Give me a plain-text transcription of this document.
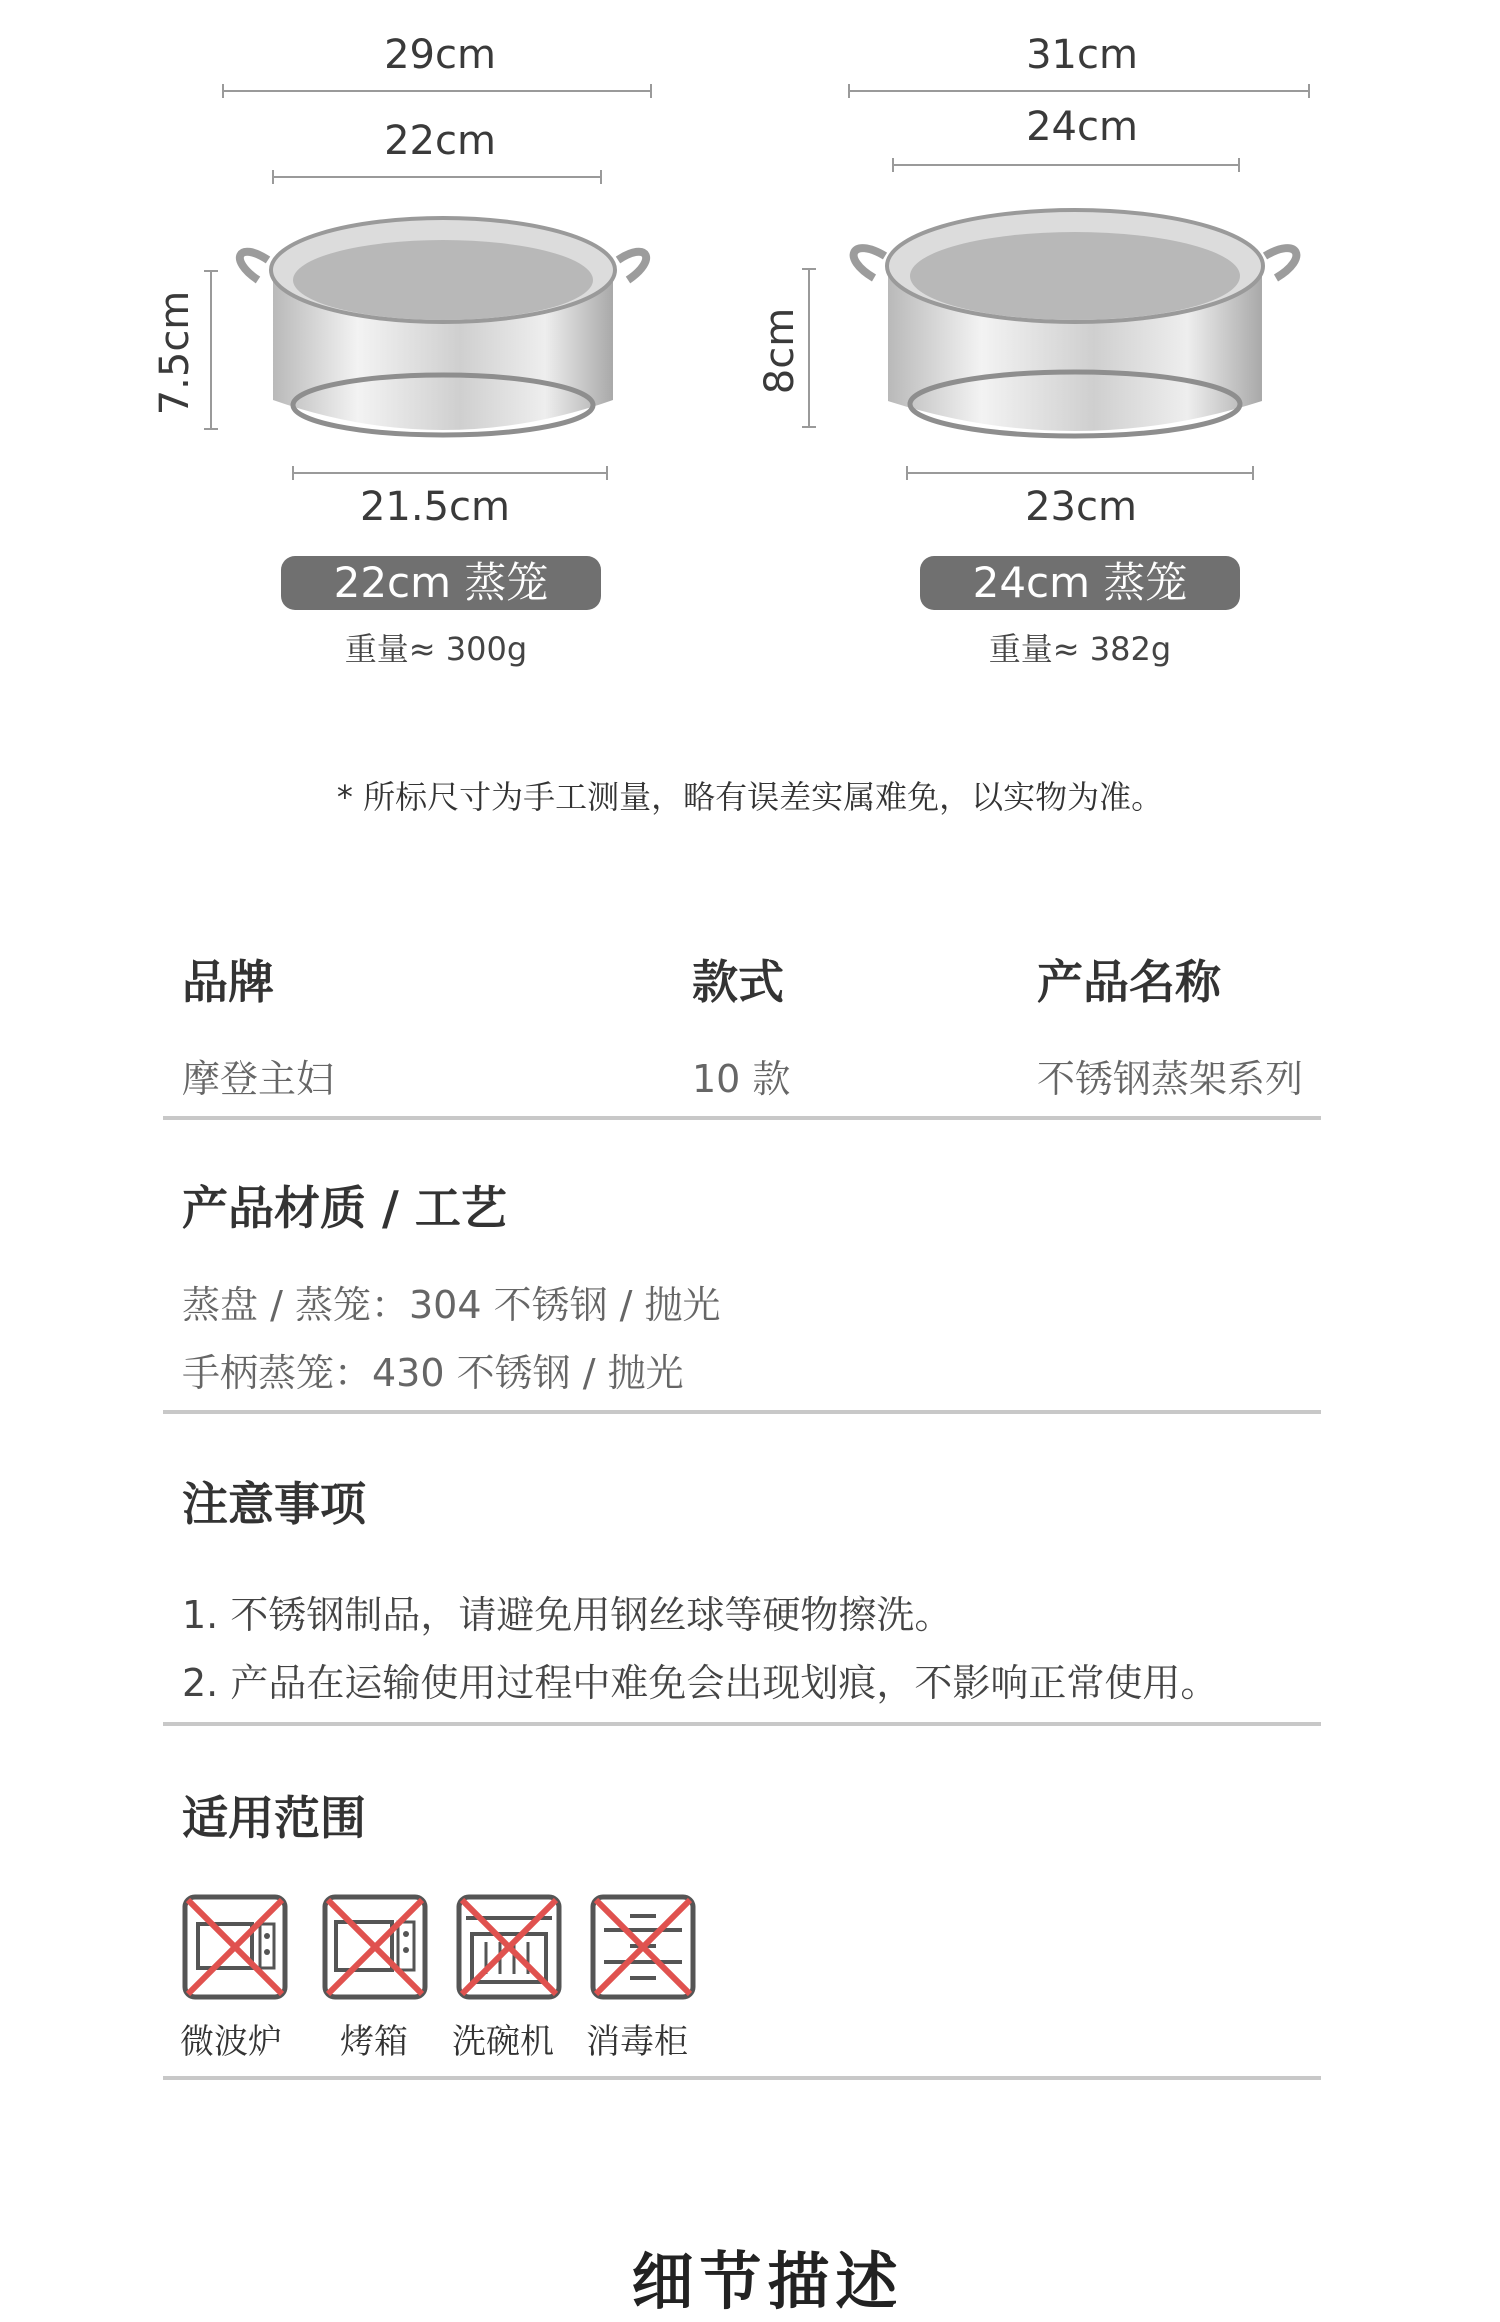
29cm
22cm
7.5cm
21.5cm
22cm 蒸笼
重量≈ 300g
31cm
24cm
8cm
23cm
24cm 蒸笼
重量≈ 382g
* 所标尺寸为手工测量，略有误差实属难免，以实物为准。
品牌	款式	产品名称
摩登主妇	10 款	不锈钢蒸架系列
产品材质 / 工艺
蒸盘 / 蒸笼：304 不锈钢 / 抛光
手柄蒸笼：430 不锈钢 / 抛光
注意事项
1. 不锈钢制品，请避免用钢丝球等硬物擦洗。
2. 产品在运输使用过程中难免会出现划痕，不影响正常使用。
适用范围
微波炉 烤箱 洗碗机 消毒柜
细节描述
